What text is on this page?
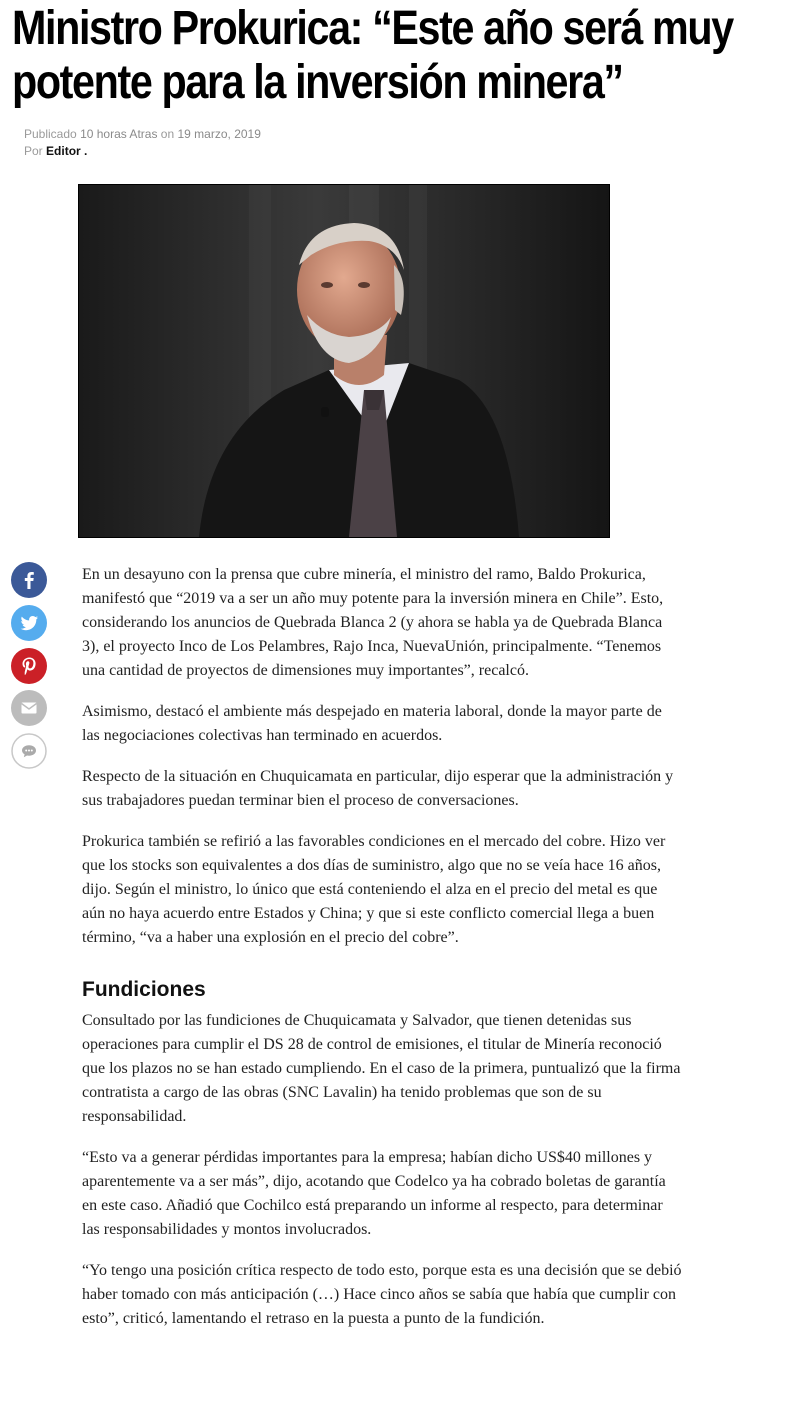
Ministro Prokurica: “Este año será muy
potente para la inversión minera”
Publicado 10 horas Atras on 19 marzo, 2019
Por Editor .

En un desayuno con la prensa que cubre minería, el ministro del ramo, Baldo Prokurica, manifestó que “2019 va a ser un año muy potente para la inversión minera en Chile”. Esto, considerando los anuncios de Quebrada Blanca 2 (y ahora se habla ya de Quebrada Blanca 3), el proyecto Inco de Los Pelambres, Rajo Inca, NuevaUnión, principalmente. “Tenemos una cantidad de proyectos de dimensiones muy importantes”, recalcó.

Asimismo, destacó el ambiente más despejado en materia laboral, donde la mayor parte de las negociaciones colectivas han terminado en acuerdos.

Respecto de la situación en Chuquicamata en particular, dijo esperar que la administración y sus trabajadores puedan terminar bien el proceso de conversaciones.

Prokurica también se refirió a las favorables condiciones en el mercado del cobre. Hizo ver que los stocks son equivalentes a dos días de suministro, algo que no se veía hace 16 años, dijo. Según el ministro, lo único que está conteniendo el alza en el precio del metal es que aún no haya acuerdo entre Estados y China; y que si este conflicto comercial llega a buen término, “va a haber una explosión en el precio del cobre”.

Fundiciones

Consultado por las fundiciones de Chuquicamata y Salvador, que tienen detenidas sus operaciones para cumplir el DS 28 de control de emisiones, el titular de Minería reconoció que los plazos no se han estado cumpliendo. En el caso de la primera, puntualizó que la firma contratista a cargo de las obras (SNC Lavalin) ha tenido problemas que son de su responsabilidad.

“Esto va a generar pérdidas importantes para la empresa; habían dicho US$40 millones y aparentemente va a ser más”, dijo, acotando que Codelco ya ha cobrado boletas de garantía en este caso. Añadió que Cochilco está preparando un informe al respecto, para determinar las responsabilidades y montos involucrados.

“Yo tengo una posición crítica respecto de todo esto, porque esta es una decisión que se debió haber tomado con más anticipación (…) Hace cinco años se sabía que había que cumplir con esto”, criticó, lamentando el retraso en la puesta a punto de la fundición.
